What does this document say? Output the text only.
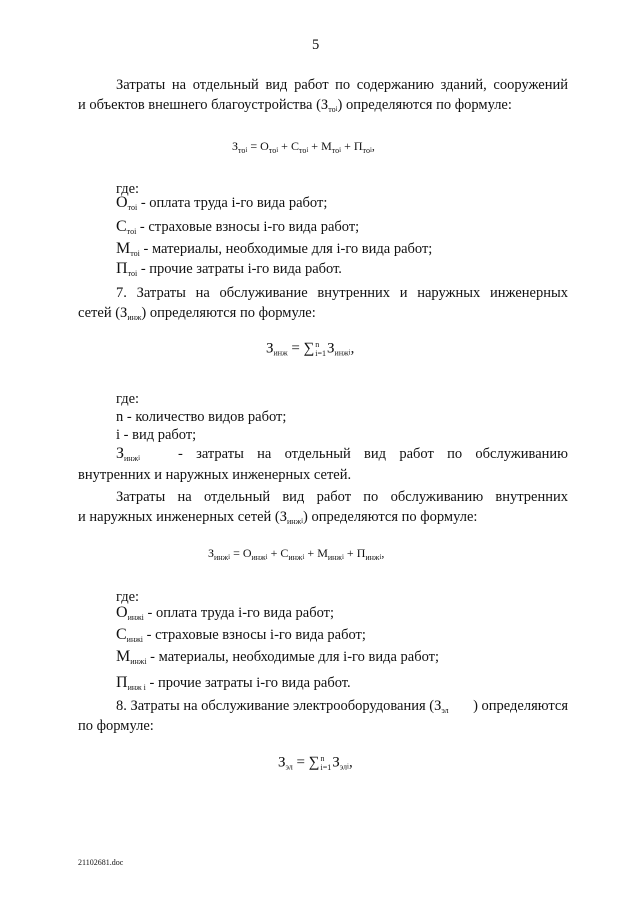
5
Затраты на отдельный вид работ по содержанию зданий, сооружений
и объектов внешнего благоустройства $(З_{тоi})$ определяются по формуле:
$З_{тоi} = О_{тоi} + С_{тоi} + М_{тоi} + П_{тоi}$,
где:
$О_{тоi}$ - оплата труда i-го вида работ;
$С_{тоi}$ - страховые взносы i-го вида работ;
$М_{тоi}$ - материалы, необходимые для i-го вида работ;
$П_{тоi}$ - прочие затраты i-го вида работ.
7. Затраты на обслуживание внутренних и наружных инженерных
сетей $(З_{инж})$ определяются по формуле:
$З_{инж}$ = ∑ n
i=1 $З_{инжi}$,
где:
n - количество видов работ;
i - вид работ;
$З_{инжi}$	- затраты на отдельный вид работ по обслуживанию
внутренних и наружных инженерных сетей.
Затраты на отдельный вид работ по обслуживанию внутренних
и наружных инженерных сетей $(З_{инжi})$ определяются по формуле:
$З_{инжi} = О_{инжi} + С_{инжi} + М_{инжi} + П_{инжi}$,
где:
$О_{инжi}$ - оплата труда i-го вида работ;
$С_{инжi}$ - страховые взносы i-го вида работ;
$М_{инжi}$ - материалы, необходимые для i-го вида работ;
$П_{инж i}$ - прочие затраты i-го вида работ.
8. Затраты на обслуживание электрооборудования ($З_{эл}$ ) определяются
по формуле:
$З_{эл}$ = ∑ n
i=1 $З_{элi}$,
21102681.doc
